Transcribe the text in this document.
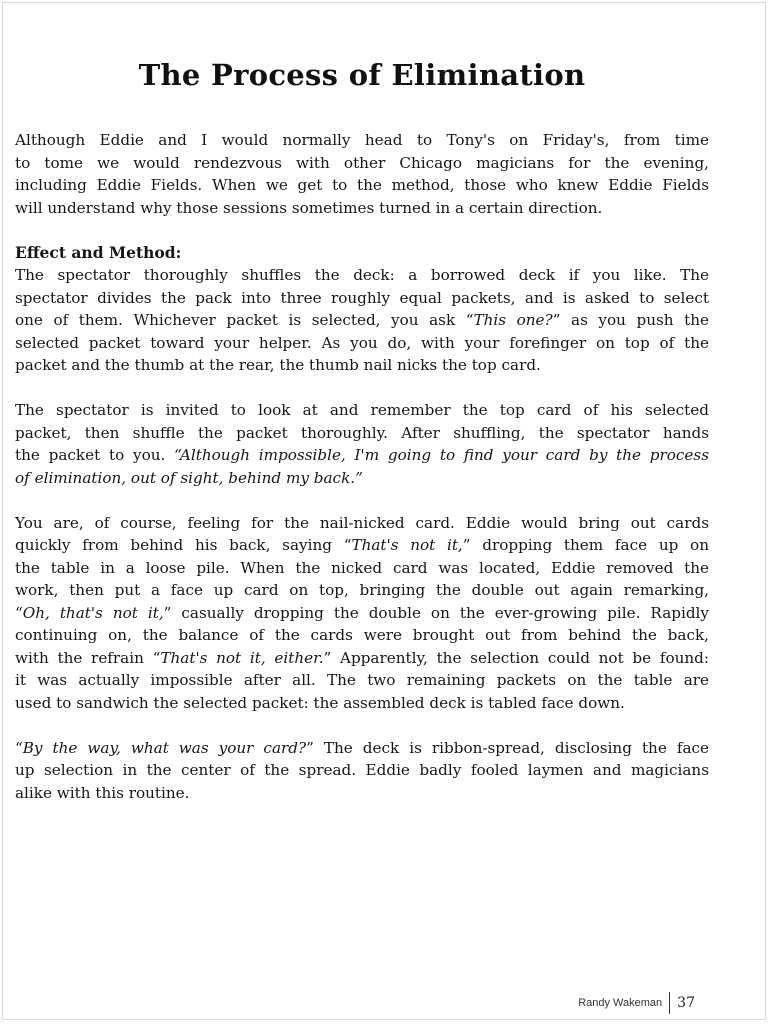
The Process of Elimination

Although Eddie and I would normally head to Tony's on Friday's, from time
to tome we would rendezvous with other Chicago magicians for the evening,
including Eddie Fields. When we get to the method, those who knew Eddie Fields
will understand why those sessions sometimes turned in a certain direction.

Effect and Method:

The spectator thoroughly shuffles the deck: a borrowed deck if you like. The
spectator divides the pack into three roughly equal packets, and is asked to select
one of them. Whichever packet is selected, you ask “This one?” as you push the
selected packet toward your helper. As you do, with your forefinger on top of the
packet and the thumb at the rear, the thumb nail nicks the top card.

The spectator is invited to look at and remember the top card of his selected
packet, then shuffle the packet thoroughly. After shuffling, the spectator hands
the packet to you. “Although impossible, I'm going to find your card by the process
of elimination, out of sight, behind my back.”

You are, of course, feeling for the nail-nicked card. Eddie would bring out cards
quickly from behind his back, saying “That's not it,” dropping them face up on
the table in a loose pile. When the nicked card was located, Eddie removed the
work, then put a face up card on top, bringing the double out again remarking,
“Oh, that's not it,” casually dropping the double on the ever-growing pile. Rapidly
continuing on, the balance of the cards were brought out from behind the back,
with the refrain “That's not it, either.” Apparently, the selection could not be found:
it was actually impossible after all. The two remaining packets on the table are
used to sandwich the selected packet: the assembled deck is tabled face down.

“By the way, what was your card?” The deck is ribbon-spread, disclosing the face
up selection in the center of the spread. Eddie badly fooled laymen and magicians
alike with this routine.

Randy Wakeman	37
